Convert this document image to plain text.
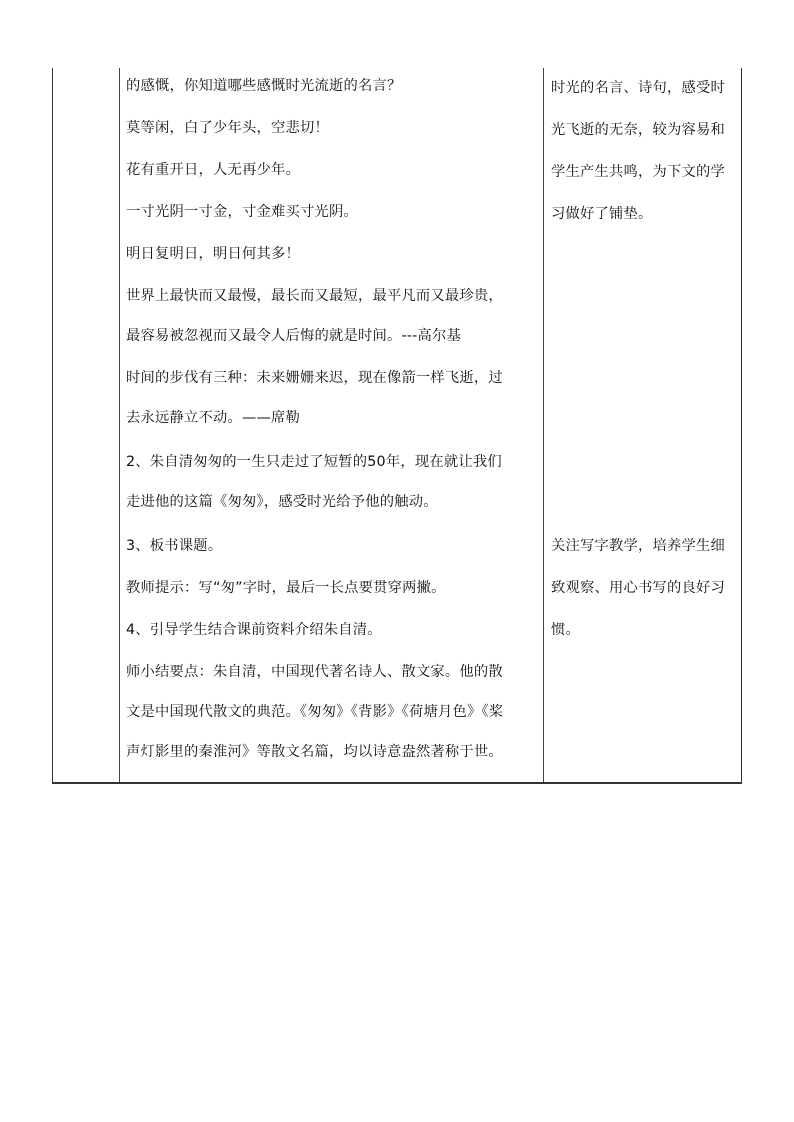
的感慨，你知道哪些感慨时光流逝的名言？
莫等闲，白了少年头，空悲切！
花有重开日，人无再少年。
一寸光阴一寸金，寸金难买寸光阴。
明日复明日，明日何其多！
世界上最快而又最慢，最长而又最短，最平凡而又最珍贵，
最容易被忽视而又最令人后悔的就是时间。---高尔基
时间的步伐有三种：未来姗姗来迟，现在像箭一样飞逝，过
去永远静立不动。——席勒
2、朱自清匆匆的一生只走过了短暂的50年，现在就让我们
走进他的这篇《匆匆》，感受时光给予他的触动。
3、板书课题。
教师提示：写“匆”字时，最后一长点要贯穿两撇。
4、引导学生结合课前资料介绍朱自清。
师小结要点：朱自清，中国现代著名诗人、散文家。他的散
文是中国现代散文的典范。《匆匆》《背影》《荷塘月色》《桨
声灯影里的秦淮河》等散文名篇，均以诗意盎然著称于世。
时光的名言、诗句，感受时
光飞逝的无奈，较为容易和
学生产生共鸣，为下文的学
习做好了铺垫。
关注写字教学，培养学生细
致观察、用心书写的良好习
惯。
